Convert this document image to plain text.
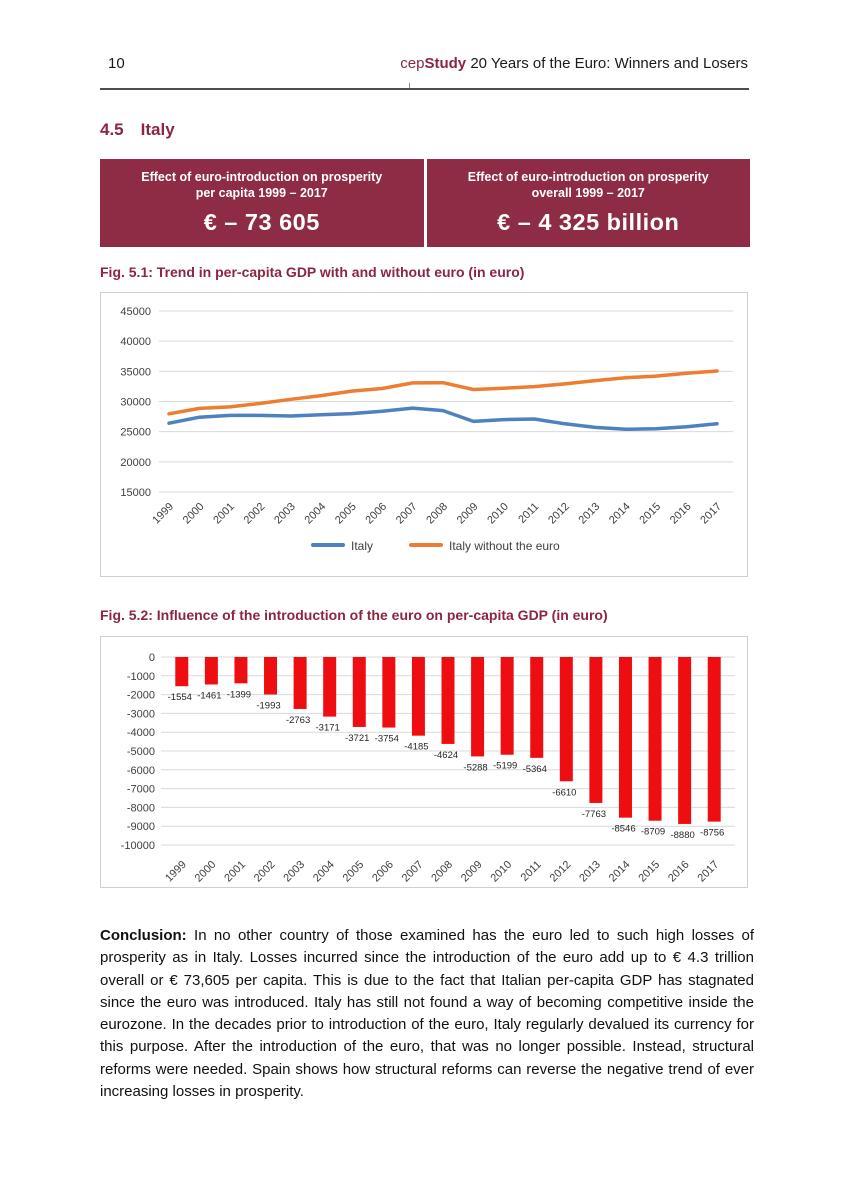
10	cepStudy 20 Years of the Euro: Winners and Losers
4.5 Italy
Effect of euro-introduction on prosperity
per capita 1999 – 2017
€ – 73 605
Effect of euro-introduction on prosperity
overall 1999 – 2017
€ – 4 325 billion
Fig. 5.1: Trend in per-capita GDP with and without euro (in euro)
45000
40000
35000
30000
25000
20000
15000
1999 2000 2001 2002 2003 2004 2005 2006 2007 2008 2009 2010 2011 2012 2013 2014 2015 2016 2017
Italy	Italy without the euro
Fig. 5.2: Influence of the introduction of the euro on per-capita GDP (in euro)
0
-1000
-2000
-3000
-4000
-5000
-6000
-7000
-8000
-9000
-10000
-1554 -1461 -1399
-1993
-2763
-3171
-3721 -3754
-4185
-4624
-5288 -5199 -5364
-6610
-7763
-8546 -8709 -8880 -8756
1999 2000 2001 2002 2003 2004 2005 2006 2007 2008 2009 2010 2011 2012 2013 2014 2015 2016 2017
Conclusion: In no other country of those examined has the euro led to such high losses of prosperity as in Italy. Losses incurred since the introduction of the euro add up to € 4.3 trillion overall or € 73,605 per capita. This is due to the fact that Italian per-capita GDP has stagnated since the euro was introduced. Italy has still not found a way of becoming competitive inside the eurozone. In the decades prior to introduction of the euro, Italy regularly devalued its currency for this purpose. After the introduction of the euro, that was no longer possible. Instead, structural reforms were needed. Spain shows how structural reforms can reverse the negative trend of ever increasing losses in prosperity.
